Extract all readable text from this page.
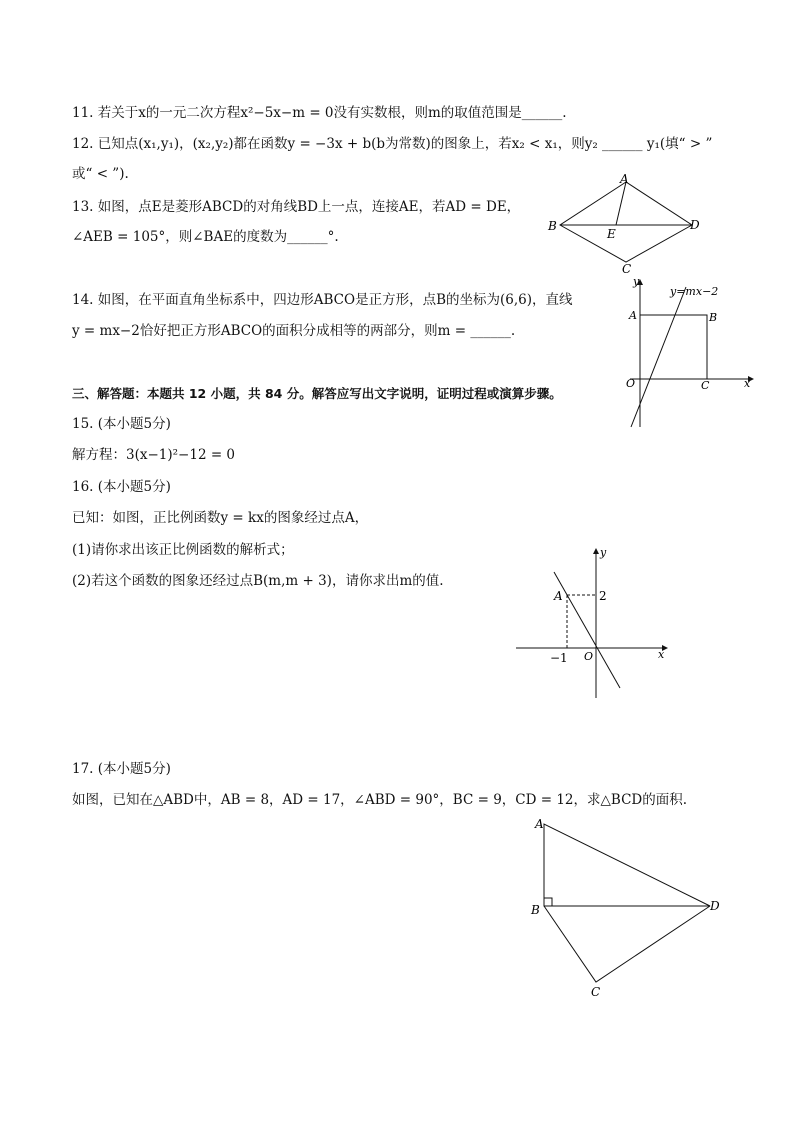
11. 若关于x的一元二次方程x²−5x−m = 0没有实数根，则m的取值范围是______.
12. 已知点(x₁,y₁)，(x₂,y₂)都在函数y = −3x + b(b为常数)的图象上，若x₂ < x₁，则y₂ ______ y₁(填“ > ”
或“ < ”).
13. 如图，点E是菱形ABCD的对角线BD上一点，连接AE，若AD = DE，
∠AEB = 105°，则∠BAE的度数为______°.
14. 如图，在平面直角坐标系中，四边形ABCO是正方形，点B的坐标为(6,6)，直线
y = mx−2恰好把正方形ABCO的面积分成相等的两部分，则m = ______.
三、解答题：本题共 12 小题，共 84 分。解答应写出文字说明，证明过程或演算步骤。
15. (本小题5分)
解方程：3(x−1)²−12 = 0
16. (本小题5分)
已知：如图，正比例函数y = kx的图象经过点A，
(1)请你求出该正比例函数的解析式；
(2)若这个函数的图象还经过点B(m,m + 3)，请你求出m的值.
17. (本小题5分)
如图，已知在△ABD中，AB = 8，AD = 17，∠ABD = 90°，BC = 9，CD = 12，求△BCD的面积.
A
B
C
D
E
y=mx−2
y
x
A	B
O	C
y
x
A	2
O
−1
A
B
C
D
